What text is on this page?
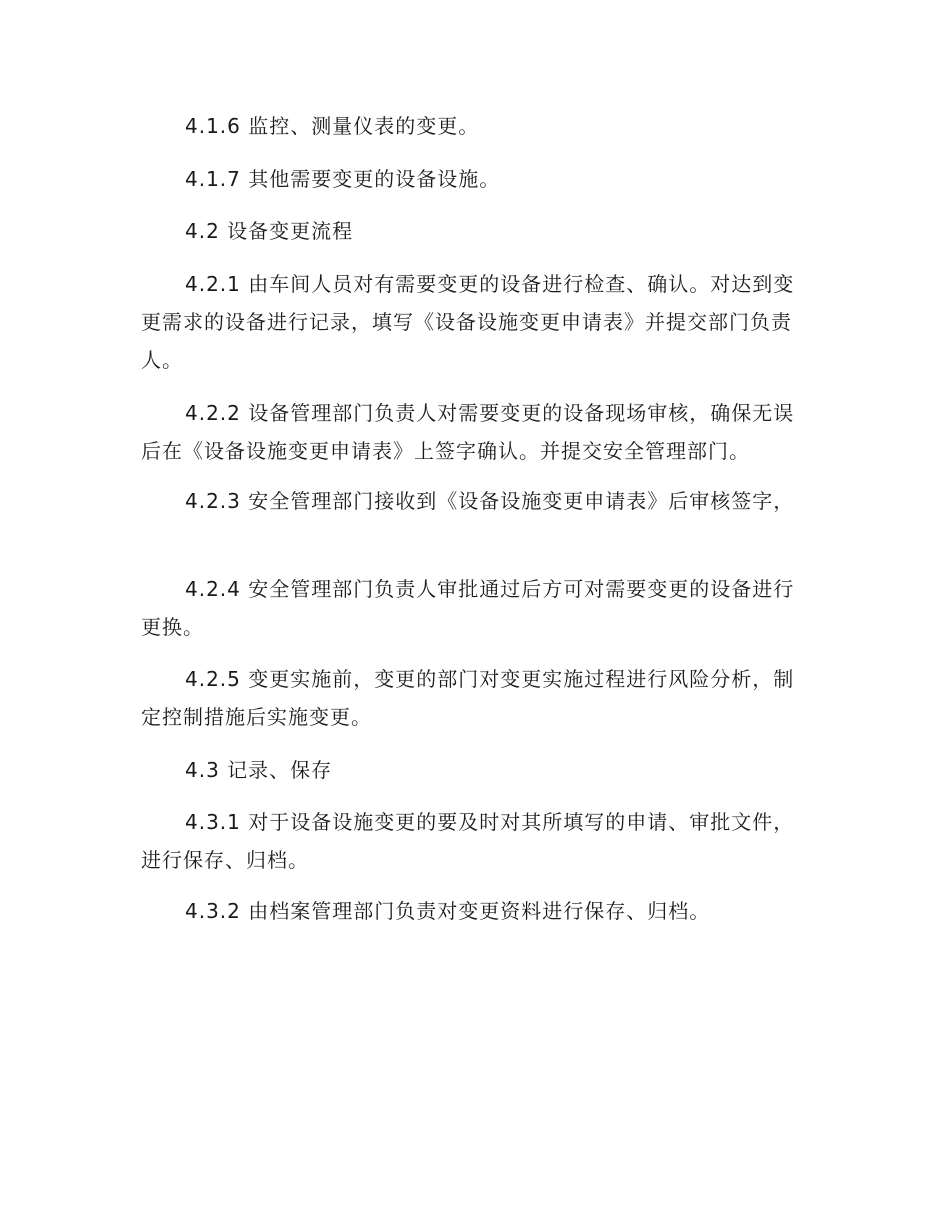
4.1.6 监控、测量仪表的变更。

4.1.7 其他需要变更的设备设施。

4.2 设备变更流程

4.2.1 由车间人员对有需要变更的设备进行检查、确认。对达到变更需求的设备进行记录，填写《设备设施变更申请表》并提交部门负责人。

4.2.2 设备管理部门负责人对需要变更的设备现场审核，确保无误后在《设备设施变更申请表》上签字确认。并提交安全管理部门。

4.2.3 安全管理部门接收到《设备设施变更申请表》后审核签字，

4.2.4 安全管理部门负责人审批通过后方可对需要变更的设备进行更换。

4.2.5 变更实施前，变更的部门对变更实施过程进行风险分析，制定控制措施后实施变更。

4.3 记录、保存

4.3.1 对于设备设施变更的要及时对其所填写的申请、审批文件，进行保存、归档。

4.3.2 由档案管理部门负责对变更资料进行保存、归档。
